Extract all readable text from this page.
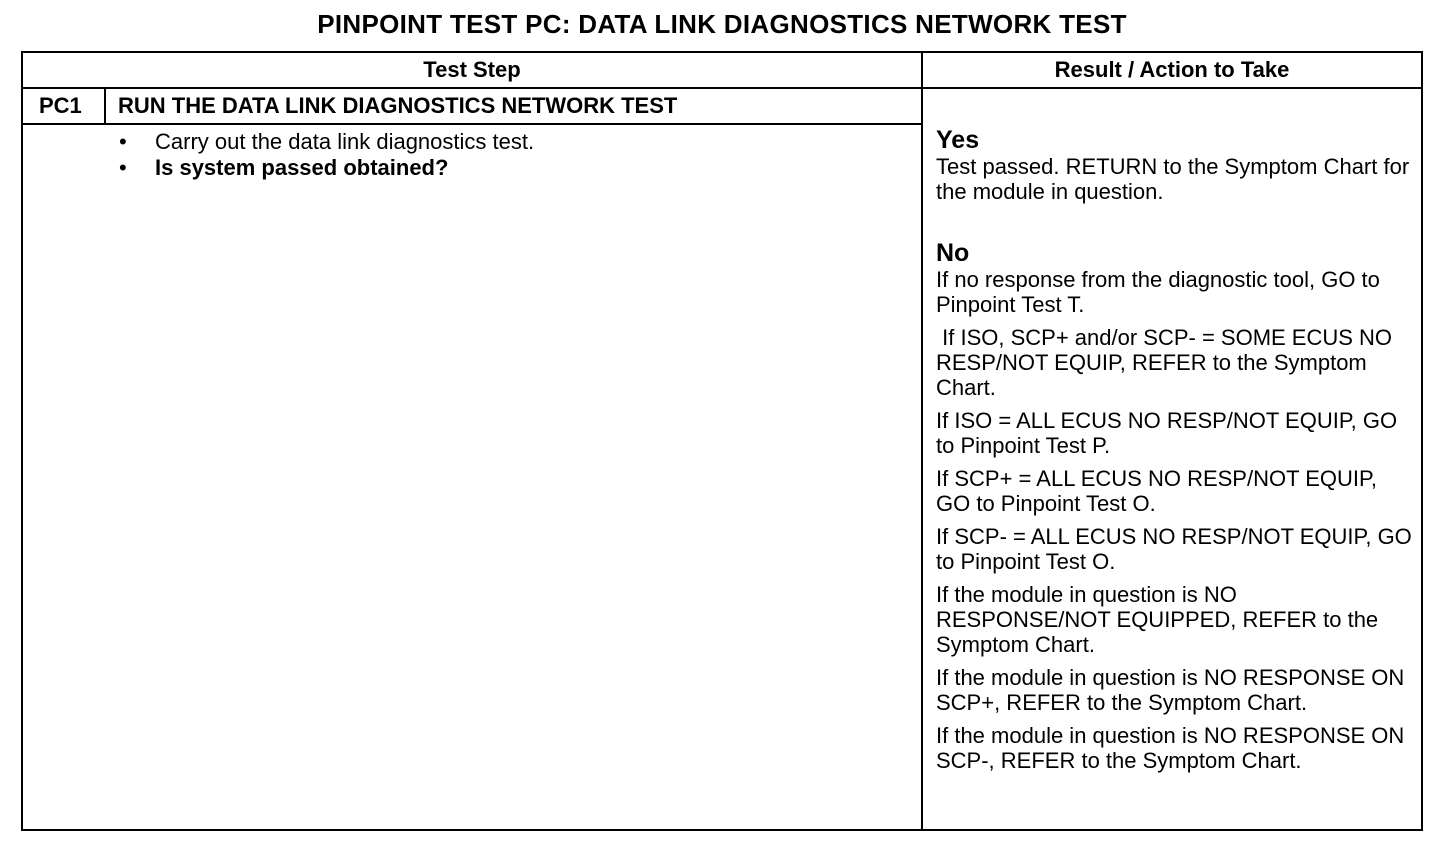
PINPOINT TEST PC: DATA LINK DIAGNOSTICS NETWORK TEST
Test Step	Result / Action to Take
PC1 RUN THE DATA LINK DIAGNOSTICS NETWORK TEST
• Carry out the data link diagnostics test.
• Is system passed obtained?
Yes
Test passed. RETURN to the Symptom Chart for the module in question.
No
If no response from the diagnostic tool, GO to Pinpoint Test T.
If ISO, SCP+ and/or SCP- = SOME ECUS NO RESP/NOT EQUIP, REFER to the Symptom Chart.
If ISO = ALL ECUS NO RESP/NOT EQUIP, GO to Pinpoint Test P.
If SCP+ = ALL ECUS NO RESP/NOT EQUIP, GO to Pinpoint Test O.
If SCP- = ALL ECUS NO RESP/NOT EQUIP, GO to Pinpoint Test O.
If the module in question is NO RESPONSE/NOT EQUIPPED, REFER to the Symptom Chart.
If the module in question is NO RESPONSE ON SCP+, REFER to the Symptom Chart.
If the module in question is NO RESPONSE ON SCP-, REFER to the Symptom Chart.
